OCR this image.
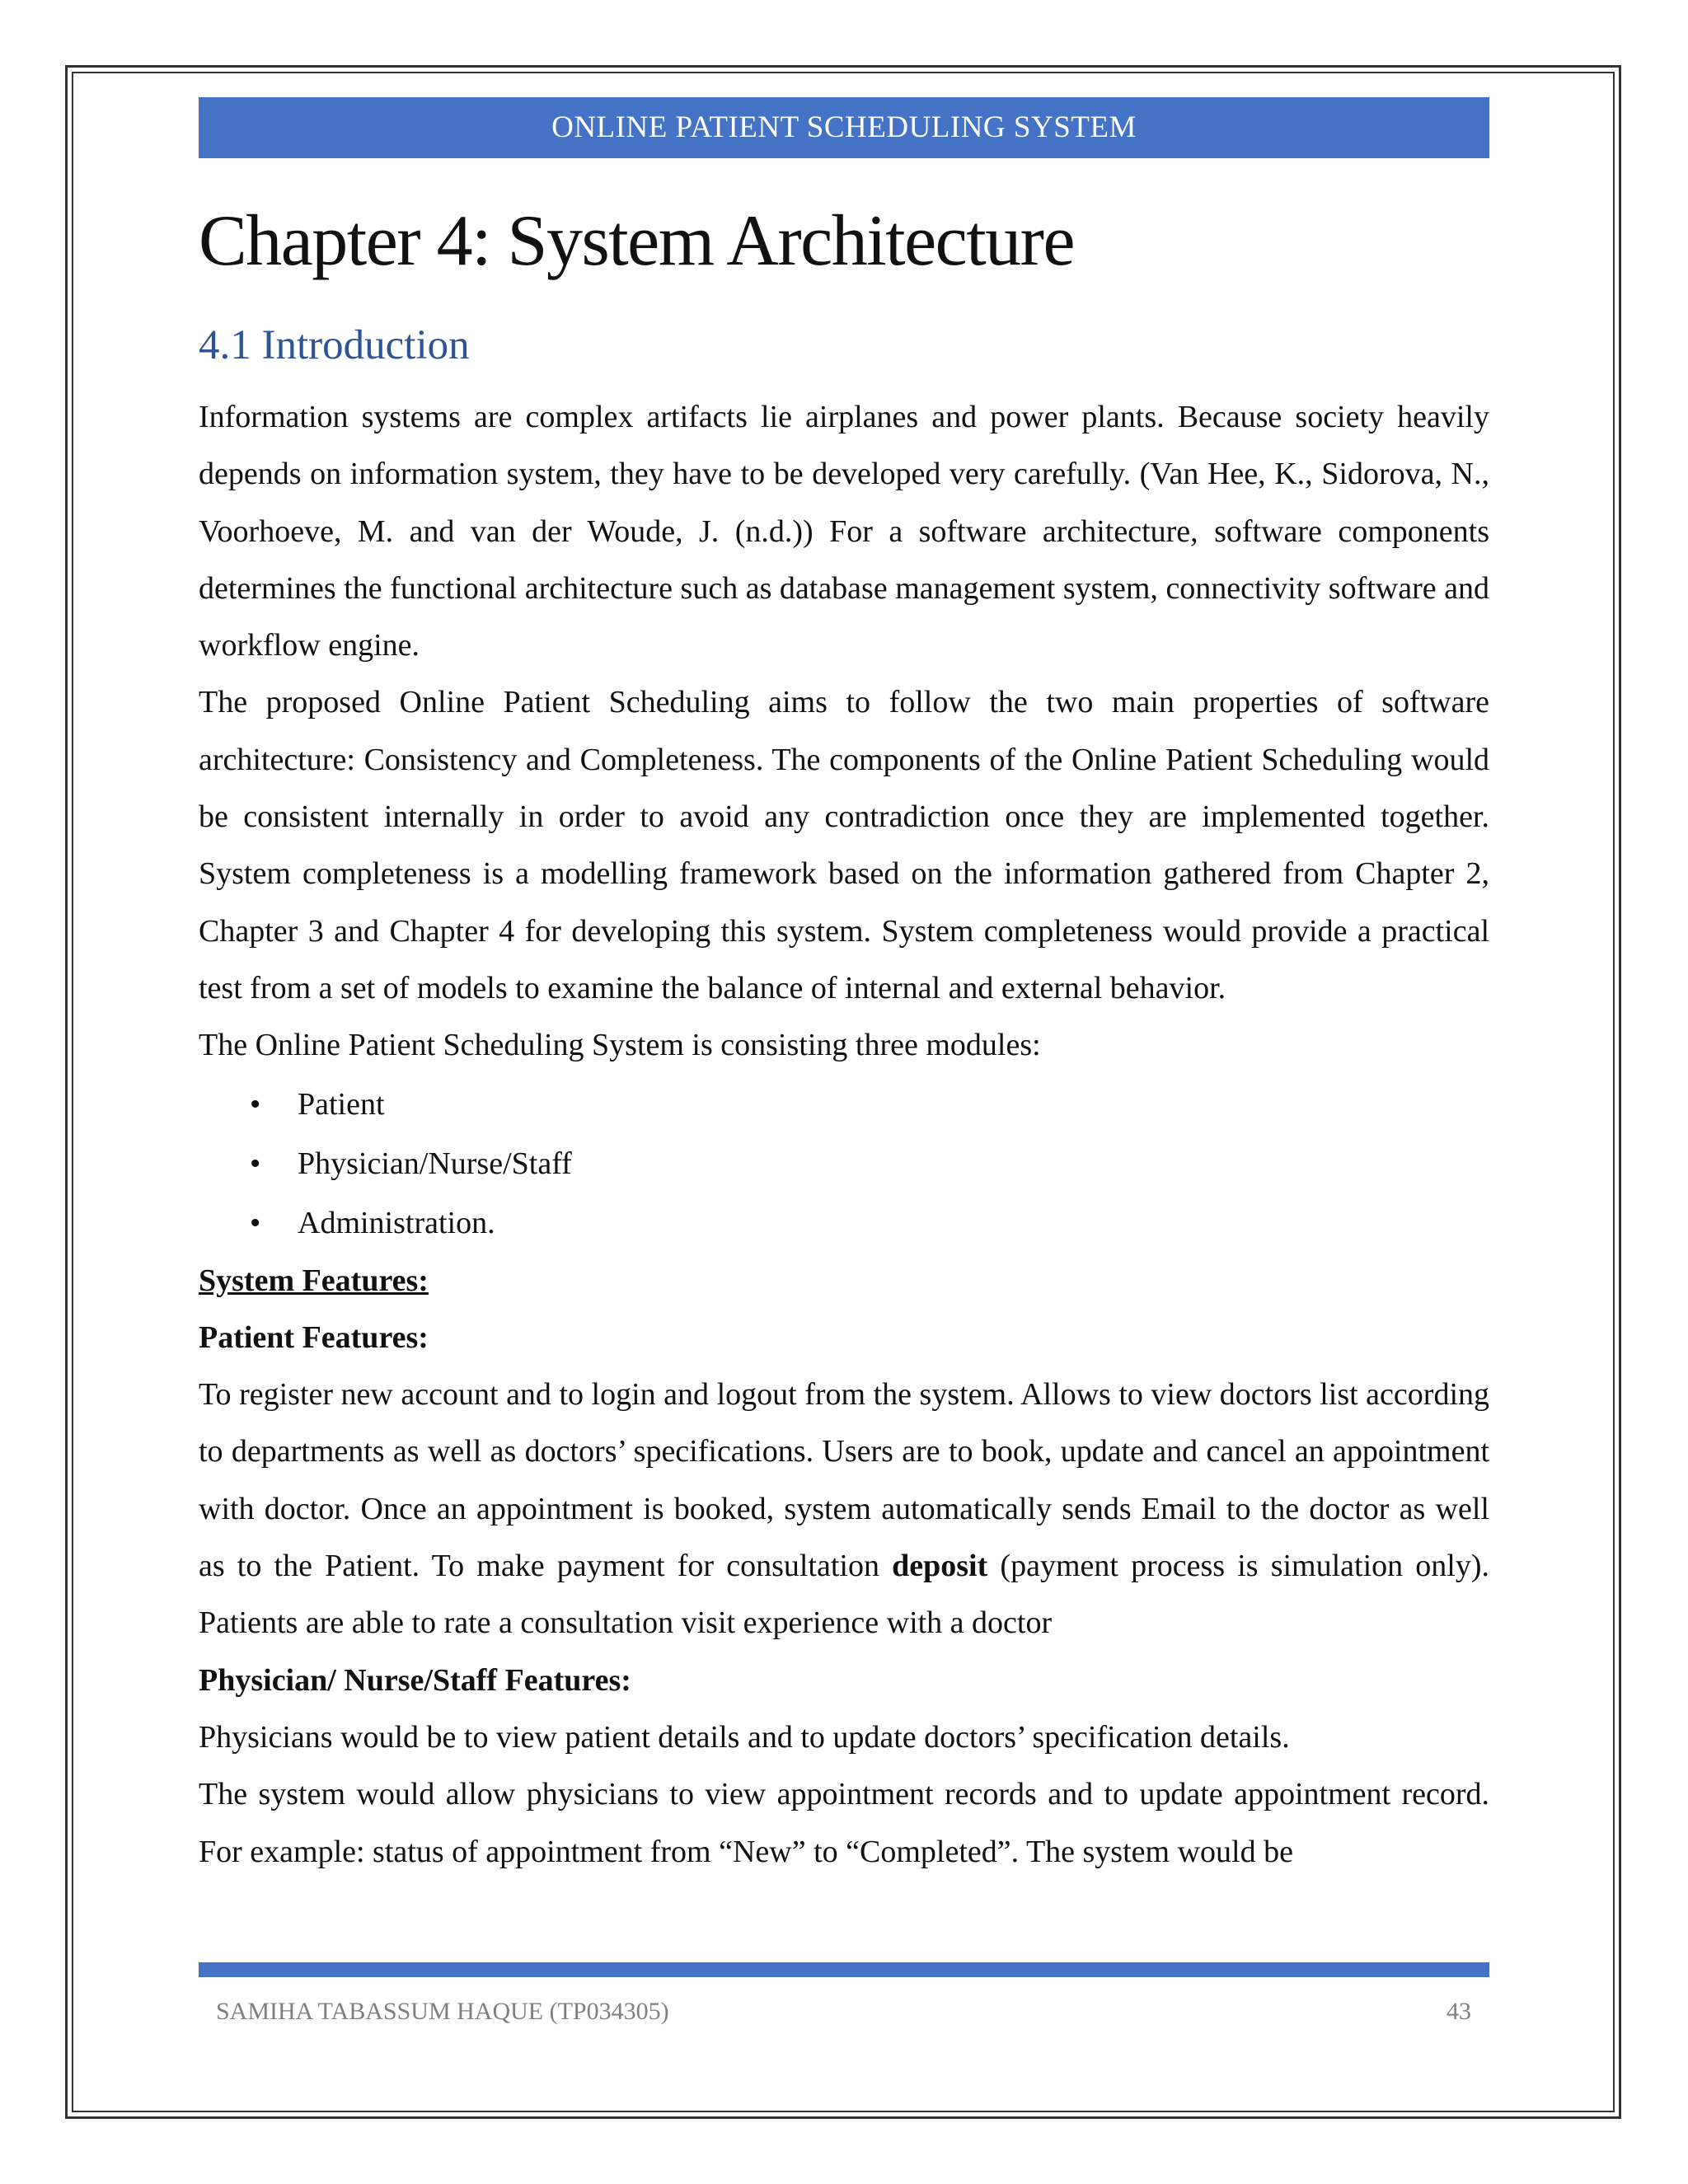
ONLINE PATIENT SCHEDULING SYSTEM
Chapter 4: System Architecture
4.1 Introduction

Information systems are complex artifacts lie airplanes and power plants. Because society heavily depends on information system, they have to be developed very carefully. (Van Hee, K., Sidorova, N., Voorhoeve, M. and van der Woude, J. (n.d.)) For a software architecture, software components determines the functional architecture such as database management system, connectivity software and workflow engine.

The proposed Online Patient Scheduling aims to follow the two main properties of software architecture: Consistency and Completeness. The components of the Online Patient Scheduling would be consistent internally in order to avoid any contradiction once they are implemented together. System completeness is a modelling framework based on the information gathered from Chapter 2, Chapter 3 and Chapter 4 for developing this system. System completeness would provide a practical test from a set of models to examine the balance of internal and external behavior.

The Online Patient Scheduling System is consisting three modules:

• Patient
• Physician/Nurse/Staff
• Administration.

System Features:

Patient Features:

To register new account and to login and logout from the system. Allows to view doctors list according to departments as well as doctors’ specifications. Users are to book, update and cancel an appointment with doctor. Once an appointment is booked, system automatically sends Email to the doctor as well as to the Patient. To make payment for consultation deposit (payment process is simulation only). Patients are able to rate a consultation visit experience with a doctor

Physician/ Nurse/Staff Features:

Physicians would be to view patient details and to update doctors’ specification details.

The system would allow physicians to view appointment records and to update appointment record. For example: status of appointment from “New” to “Completed”. The system would be

SAMIHA TABASSUM HAQUE (TP034305)	43
